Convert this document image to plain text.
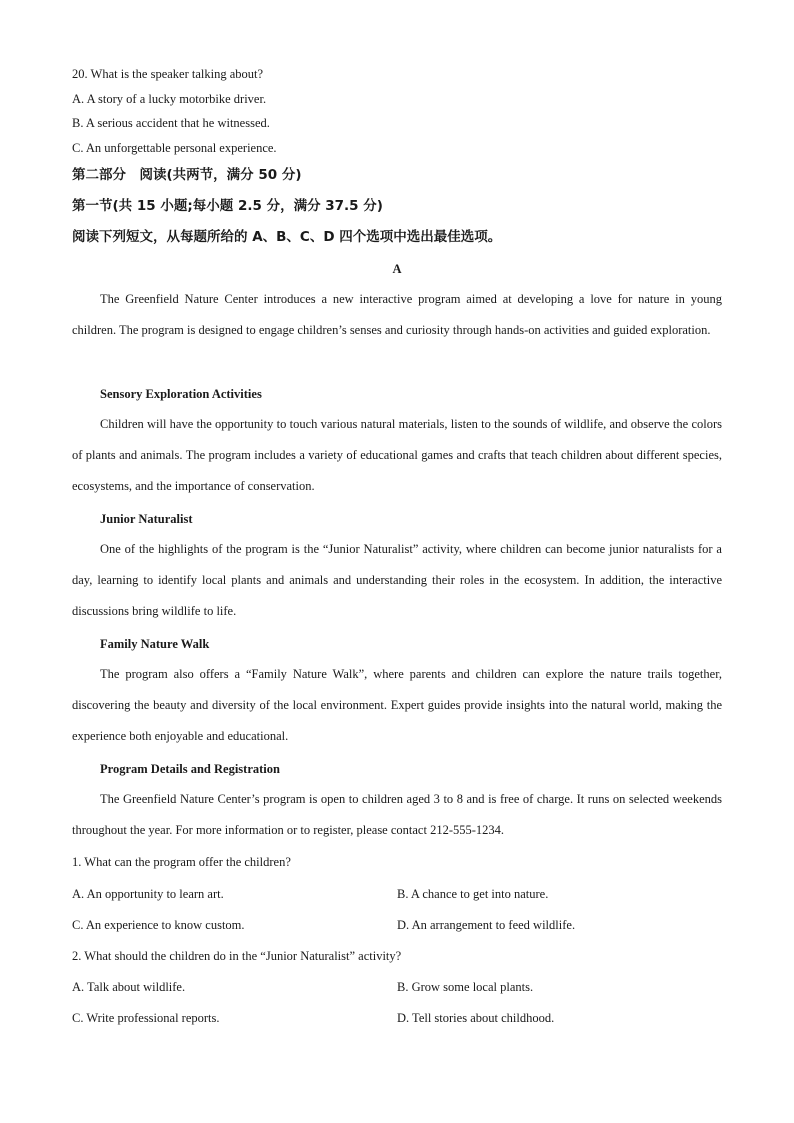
20. What is the speaker talking about?
A. A story of a lucky motorbike driver.
B. A serious accident that he witnessed.
C. An unforgettable personal experience.
第二部分　阅读(共两节，满分 50 分)
第一节(共 15 小题;每小题 2.5 分，满分 37.5 分)
阅读下列短文，从每题所给的 A、B、C、D 四个选项中选出最佳选项。
A
The Greenfield Nature Center introduces a new interactive program aimed at developing a love for nature in young children. The program is designed to engage children’s senses and curiosity through hands-on activities and guided exploration.
Sensory Exploration Activities
Children will have the opportunity to touch various natural materials, listen to the sounds of wildlife, and observe the colors of plants and animals. The program includes a variety of educational games and crafts that teach children about different species, ecosystems, and the importance of conservation.
Junior Naturalist
One of the highlights of the program is the “Junior Naturalist” activity, where children can become junior naturalists for a day, learning to identify local plants and animals and understanding their roles in the ecosystem. In addition, the interactive discussions bring wildlife to life.
Family Nature Walk
The program also offers a “Family Nature Walk”, where parents and children can explore the nature trails together, discovering the beauty and diversity of the local environment. Expert guides provide insights into the natural world, making the experience both enjoyable and educational.
Program Details and Registration
The Greenfield Nature Center’s program is open to children aged 3 to 8 and is free of charge. It runs on selected weekends throughout the year. For more information or to register, please contact 212-555-1234.
1. What can the program offer the children?
A. An opportunity to learn art.	B. A chance to get into nature.
C. An experience to know custom.	D. An arrangement to feed wildlife.
2. What should the children do in the “Junior Naturalist” activity?
A. Talk about wildlife.	B. Grow some local plants.
C. Write professional reports.	D. Tell stories about childhood.
